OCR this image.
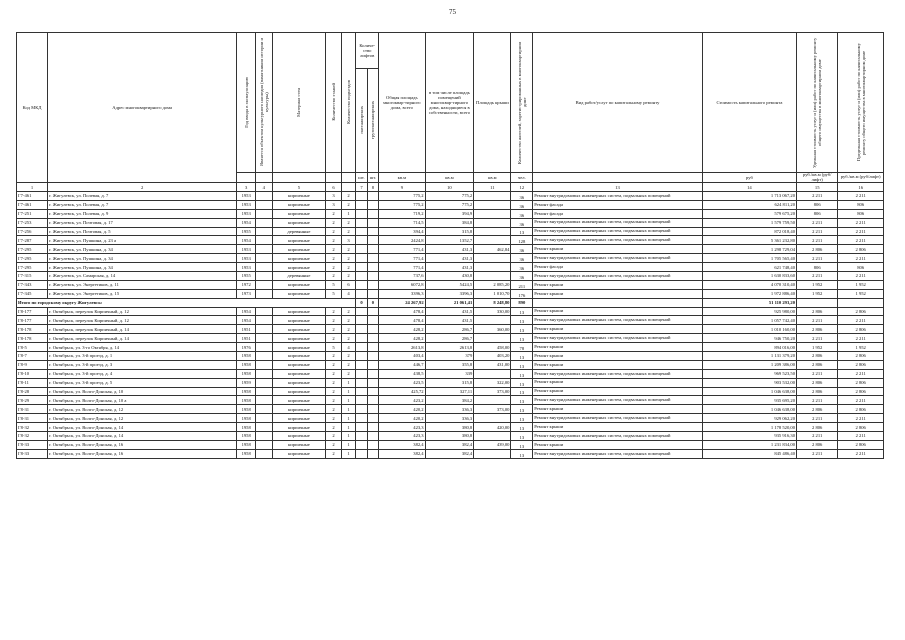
75
Код МКД	Адрес многоквартирного дома	Год ввода в эксплуатацию	Является объектом культурного наследия (памятником истории и культуры)	Материал стен	Количество этажей	Количество подъездов	Количе-ство лифтов		Общая площадь многоквар-тирного дома, всего	в том числе площадь помещений многоквар-тирного дома, находящиеся в собственности, всего	Площадь крыши	Количество жителей, зарегистрированных в многоквартирном доме	Вид работ/услуг по капитальному ремонту	Стоимость капитального ремонта	Удельная стоимость услуг и (или) работ по капитальному ремонту общего имущества в многоквартирном доме	Предельная стоимость услуг и (или) работ по капитальному ремонту общего имущества в многоквартирном доме
							пассажирских	грузопассажирских								
							шт.	шт.	кв.м	кв.м	кв.м	чел.		руб	руб./кв.м (руб/лифт)	руб./кв.м (руб/лифт)
1	2	3	4	5	6		7	8	9	10	11	12	13	14	15	16
Г7-461	г. Жигулевск, ул. Полевая, д. 7	1953		кирпичные	3	2			775,2	775,2		36	Ремонт внутридомовых инженерных систем, подвальных помещений	1 713 067,20	2 211	2 211
Г7-461	г. Жигулевск, ул. Полевая, д. 7	1953		кирпичные	3	2			775,2	775,2		36	Ремонт фасада	624 811,20	806	806
Г7-251	г. Жигулевск, ул. Полевая, д. 9	1953		кирпичные	2	1			719,2	394,9		36	Ремонт фасада	579 675,20	806	806
Г7-253	г. Жигулевск, ул. Почтовая, д. 17	1954		кирпичные	2	2			714,5	384,8		36	Ремонт внутридомовых инженерных систем, подвальных помещений	1 579 759,50	2 211	2 211
Г7-256	г. Жигулевск, ул. Почтовая, д. 5	1955		деревянные	2	2			394,4	315,8		13	Ремонт внутридомовых инженерных систем, подвальных помещений	872 018,40	2 211	2 211
Г7-287	г. Жигулевск, ул. Пушкина, д. 23 а	1954		кирпичные	2	3			2424,8	1352,7		128	Ремонт внутридомовых инженерных систем, подвальных помещений	5 361 232,80	2 211	2 211
Г7-295	г. Жигулевск, ул. Пушкина, д. 34	1953		кирпичные	2	2			771,4	431,3	462,84	36	Ремонт крыши	1 298 729,04	2 806	2 806
Г7-295	г. Жигулевск, ул. Пушкина, д. 34	1953		кирпичные	2	2			771,4	431,3		36	Ремонт внутридомовых инженерных систем, подвальных помещений	1 705 565,40	2 211	2 211
Г7-295	г. Жигулевск, ул. Пушкина, д. 34	1953		кирпичные	2	2			771,4	431,3		36	Ремонт фасада	621 748,40	806	806
Г7-315	г. Жигулевск, ул. Самарская, д. 14	1955		деревянные	2	2			737,6	430,8		36	Ремонт внутридомовых инженерных систем, подвальных помещений	1 630 833,60	2 211	2 211
Г7-343	г. Жигулевск, ул. Энергетиков, д. 11	1972		кирпичные	5	6			6072,8	5424,5	2 085,20	211	Ремонт крыши	4 070 310,40	1 952	1 952
Г7-345	г. Жигулевск, ул. Энергетиков, д. 15	1973		кирпичные	5	4			3396,3	3396,3	1 010,70	176	Ремонт крыши	1 972 886,40	1 952	1 952
Итого по городскому округу Жигулевск:							0	0	24 267,92	21 061,41	8 248,80	890		51 110 293,20		
Г8-177	г. Октябрьск, переулок Кирпичный, д. 12	1954		кирпичные	2	2			478,4	431,5	330,00	13	Ремонт крыши	925 980,00	2 806	2 806
Г8-177	г. Октябрьск, переулок Кирпичный, д. 12	1954		кирпичные	2	2			478,4	431,5		13	Ремонт внутридомовых инженерных систем, подвальных помещений	1 057 742,40	2 211	2 211
Г8-178	г. Октябрьск, переулок Кирпичный, д. 14	1951		кирпичные	2	2			428,2	286,7	360,00	13	Ремонт крыши	1 010 160,00	2 806	2 806
Г8-178	г. Октябрьск, переулок Кирпичный, д. 14	1951		кирпичные	2	2			428,2	286,7		13	Ремонт внутридомовых инженерных систем, подвальных помещений	946 750,20	2 211	2 211
Г8-5	г. Октябрьск, ул. 3-го Октября, д. 14	1976		кирпичные	5	4			2613,8	2613,8	458,00	78	Ремонт крыши	894 016,00	1 952	1 952
Г8-7	г. Октябрьск, ул. 3-й проезд, д. 1	1958		кирпичные	2	2			403,4	379	403,20	13	Ремонт крыши	1 131 379,20	2 806	2 806
Г8-9	г. Октябрьск, ул. 3-й проезд, д. 3	1958		кирпичные	2	2			446,7	355,8	431,00	13	Ремонт крыши	1 209 386,00	2 806	2 806
Г8-10	г. Октябрьск, ул. 3-й проезд, д. 4	1958		кирпичные	2	2			438,5	339		13	Ремонт внутридомовых инженерных систем, подвальных помещений	969 523,50	2 211	2 211
Г8-11	г. Октябрьск, ул. 3-й проезд, д. 5	1959		кирпичные	2	1			423,5	315,8	322,00	13	Ремонт крыши	903 532,00	2 806	2 806
Г8-28	г. Октябрьск, ул. Волго-Донская, д. 10	1958		кирпичные	2	1			425,72	327,11	373,00	13	Ремонт крыши	1 046 638,00	2 806	2 806
Г8-29	г. Октябрьск, ул. Волго-Донская, д. 10 а	1958		кирпичные	2	1			423,2	384,2		13	Ремонт внутридомовых инженерных систем, подвальных помещений	935 695,20	2 211	2 211
Г8-31	г. Октябрьск, ул. Волго-Донская, д. 12	1958		кирпичные	2	1			420,2	336,3	373,00	13	Ремонт крыши	1 046 638,00	2 806	2 806
Г8-31	г. Октябрьск, ул. Волго-Донская, д. 12	1958		кирпичные	2	1			420,2	336,3		13	Ремонт внутридомовых инженерных систем, подвальных помещений	929 062,20	2 211	2 211
Г8-32	г. Октябрьск, ул. Волго-Донская, д. 14	1958		кирпичные	2	1			423,3	380,8	420,00	13	Ремонт крыши	1 178 520,00	2 806	2 806
Г8-32	г. Октябрьск, ул. Волго-Донская, д. 14	1958		кирпичные	2	1			423,3	380,8		13	Ремонт внутридомовых инженерных систем, подвальных помещений	935 916,30	2 211	2 211
Г8-33	г. Октябрьск, ул. Волго-Донская, д. 16	1958		кирпичные	2	1			382,4	382,4	439,00	13	Ремонт крыши	1 231 834,00	2 806	2 806
Г8-33	г. Октябрьск, ул. Волго-Донская, д. 16	1958		кирпичные	2	1			382,4	382,4		13	Ремонт внутридомовых инженерных систем, подвальных помещений	845 486,40	2 211	2 211
